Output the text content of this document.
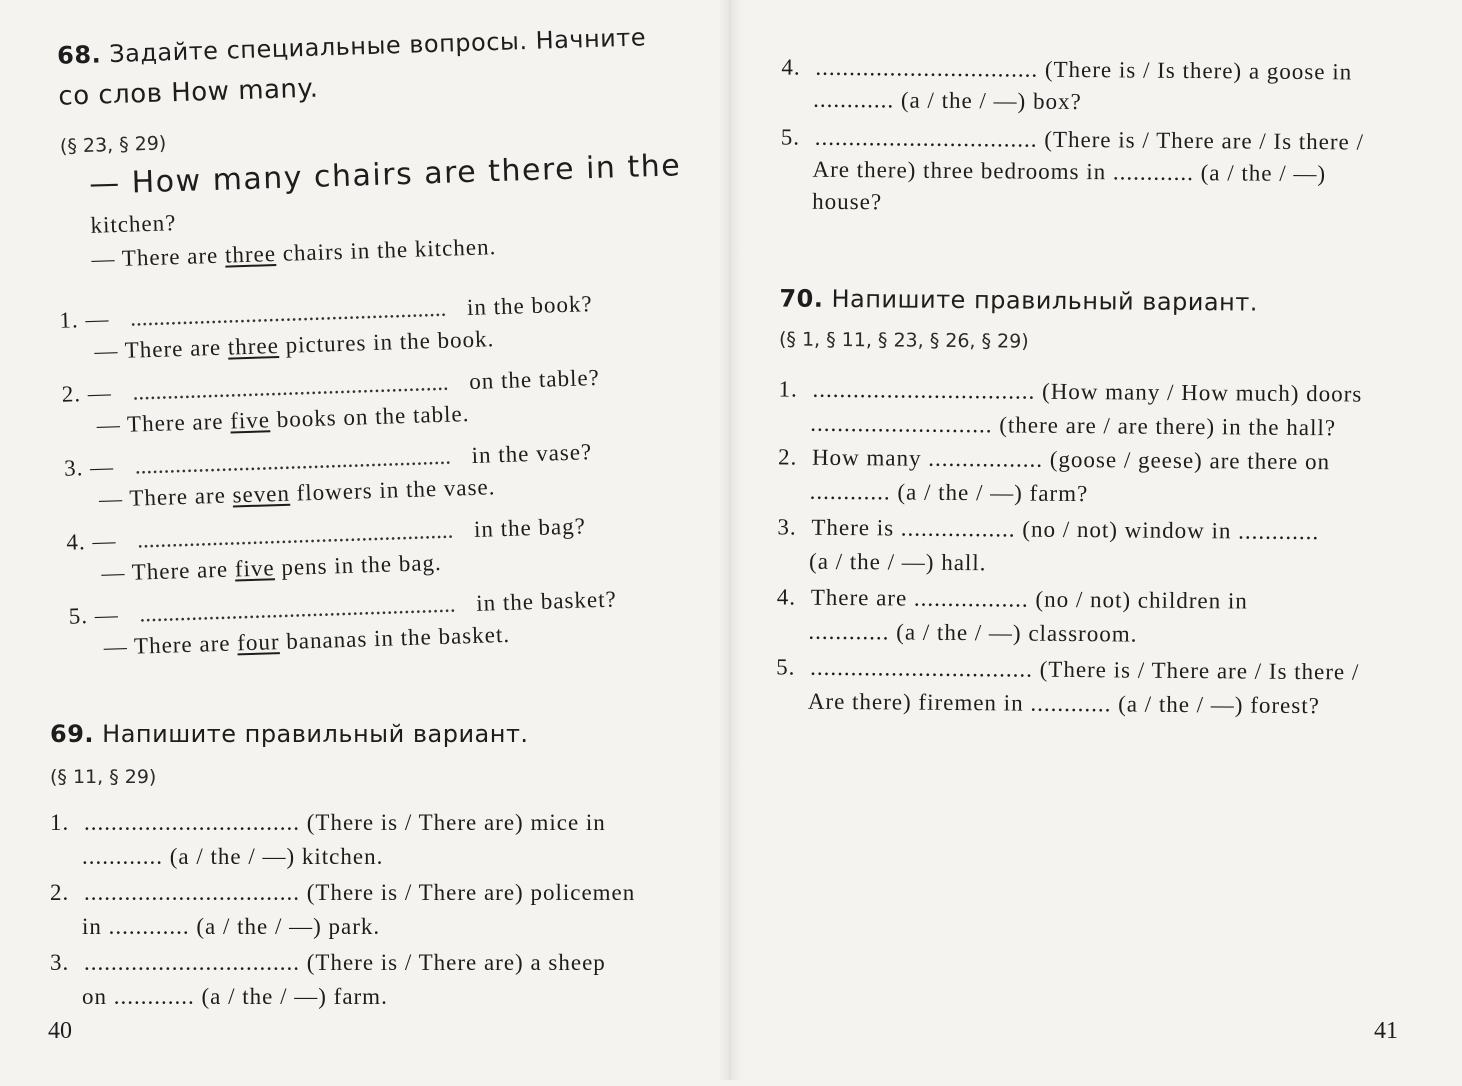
68. Задайте специальные вопросы. Начните
со слов How many.
(§ 23, § 29)
— How many chairs are there in the
kitchen?
— There are three chairs in the kitchen.
1. — ....................................................... in the book?
— There are three pictures in the book.
2. — ....................................................... on the table?
— There are five books on the table.
3. — ....................................................... in the vase?
— There are seven flowers in the vase.
4. — ....................................................... in the bag?
— There are five pens in the bag.
5. — ....................................................... in the basket?
— There are four bananas in the basket.
69. Напишите правильный вариант.
(§ 11, § 29)
1. ................................ (There is / There are) mice in
............ (a / the / —) kitchen.
2. ................................ (There is / There are) policemen
in ............ (a / the / —) park.
3. ................................ (There is / There are) a sheep
on ............ (a / the / —) farm.
40
4. ................................. (There is / Is there) a goose in
............ (a / the / —) box?
5. ................................. (There is / There are / Is there /
Are there) three bedrooms in ............ (a / the / —)
house?
70. Напишите правильный вариант.
(§ 1, § 11, § 23, § 26, § 29)
1. ................................. (How many / How much) doors
........................... (there are / are there) in the hall?
2. How many ................. (goose / geese) are there on
............ (a / the / —) farm?
3. There is ................. (no / not) window in ............
(a / the / —) hall.
4. There are ................. (no / not) children in
............ (a / the / —) classroom.
5. ................................. (There is / There are / Is there /
Are there) firemen in ............ (a / the / —) forest?
41
